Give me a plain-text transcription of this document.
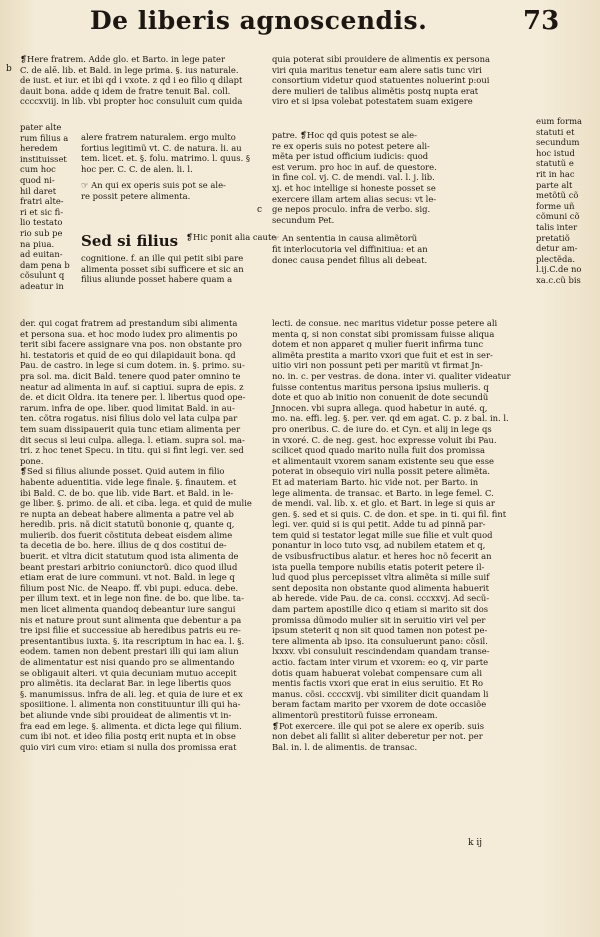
De liberis agnoscendis.	73
b
c
pater alte
rum filius a
heredem
instituisset
cum hoc
quod ni-
hil daret
fratri alte-
ri et sic fi-
lio testato
rio sub pe
na piua.
ad euitan-
dam pena b
cõsulunt q
adeatur in
eum forma
statuti et
secundum
hoc istud
statutũ e
rit in hac
parte alt
metõtũ cõ
forme uñ
cõmuni cõ
talis inter
pretatiõ
detur am-
plectẽda.
l.ij.C.de no
xa.c.cũ bis
❡Here fratrem. Adde glo. et Barto. in lege pater
C. de alē. lib. et Bald. in lege prima. §. ius naturale.
de iust. et iur. et ibi qd i vxote. z qd i eo filio q dilapt
dauit bona. adde q idem de fratre tenuit Bal. coll.
ccccxviij. in lib. vbi propter hoc consuluit cum quida
alere fratrem naturalem. ergo multo
fortius legitimũ vt. C. de natura. li. au
tem. licet. et. §. folu. matrimo. l. quus. §
hoc per. C. C. de alen. li. l.
☞ An qui ex operis suis pot se ale-
re possit petere alimenta.
Sed si filius ❡Hic ponit alia caute
cognitione. f. an ille qui petit sibi pare
alimenta posset sibi sufficere et sic an
filius aliunde posset habere quam a
der. qui cogat fratrem ad prestandum sibi alimenta
et persona sua. et hoc modo iudex pro alimentis po
terit sibi facere assignare vna pos. non obstante pro
hi. testatoris et quid de eo qui dilapidauit bona. qd
Pau. de castro. in lege si cum dotem. in. §. primo. su-
pra sol. ma. dicit Bald. tenere quod pater omnino te
neatur ad alimenta in auf. si captiui. supra de epis. z
de. et dicit Oldra. ita tenere per. l. libertus quod ope-
rarum. infra de ope. liber. quod limitat Bald. in au-
ten. cõtra rogatus. nisi filius dolo vel lata culpa par
tem suam dissipauerit quia tunc etiam alimenta per
dit secus si leui culpa. allega. l. etiam. supra sol. ma-
tri. z hoc tenet Specu. in titu. qui si fint legi. ver. sed
pone.
❡Sed si filius aliunde posset. Quid autem in filio
habente aduentitia. vide lege finale. §. finautem. et
ibi Bald. C. de bo. que lib. vide Bart. et Bald. in le-
ge liber. §. primo. de ali. et ciba. lega. et quid de mulie
re nupta an debeat habere alimenta a patre vel ab
heredib. pris. nã dicit statutũ bononie q, quante q,
mulierib. dos fuerit cõstituta debeat eisdem alime
ta decetia de bo. here. illius de q dos costitui de-
buerit. et vltra dicit statutum quod ista alimenta de
beant prestari arbitrio coniunctorũ. dico quod illud
etiam erat de iure communi. vt not. Bald. in lege q
filium post Nic. de Neapo. ff. vbi pupi. educa. debe.
per illum text. et in lege non fine. de bo. que libe. ta-
men licet alimenta quandoq debeantur iure sangui
nis et nature prout sunt alimenta que debentur a pa
tre ipsi filie et successiue ab heredibus patris eu re-
presentantibus iuxta. §. ita rescriptum in hac ea. l. §.
eodem. tamen non debent prestari illi qui iam aliun
de alimentatur est nisi quando pro se alimentando
se obligauit alteri. vt quia decuniam mutuo accepit
pro alimẽtis. ita declarat Bar. in lege libertis quos
§. manumissus. infra de ali. leg. et quia de iure et ex
sposiitione. l. alimenta non constituuntur illi qui ha-
bet aliunde vnde sibi prouideat de alimentis vt in-
fra ead em lege. §. alimenta. et dicta lege qui filium.
cum ibi not. et ideo filia postq erit nupta et in obse
quio viri cum viro: etiam si nulla dos promissa erat
quia poterat sibi prouidere de alimentis ex persona
viri quia maritus tenetur eam alere satis tunc viri
consortium videtur quod statuentes noluerint p:oui
dere mulieri de talibus alimẽtis postq nupta erat
viro et si ipsa volebat potestatem suam exigere
patre. ❡Hoc qd quis potest se ale-
re ex operis suis no potest petere ali-
mẽta per istud officium iudicis: quod
est verum. pro hoc in auf. de questore.
in fine col. vj. C. de mendi. val. l. j. lib.
xj. et hoc intellige si honeste posset se
exercere illam artem alias secus: vt le-
ge nepos proculo. infra de verbo. sig.
secundum Pet.
☞ An sententia in causa alimẽtorũ
fit interlocutoria vel diffinitiua: et an
donec causa pendet filius ali debeat.
lecti. de consue. nec maritus videtur posse petere ali
menta q, si non constat sibi promissam fuisse aliqua
dotem et non apparet q mulier fuerit infirma tunc
alimẽta prestita a marito vxori que fuit et est in ser-
uitio viri non possunt peti per maritũ vt firmat Jn-
no. in. c. per vestras. de dona. inter vi. qualiter videatur
fuisse contentus maritus persona ipsius mulieris. q
dote et quo ab initio non conuenit de dote secundũ
Jnnocen. vbi supra allega. quod habetur in auté. q,
mo. na. effi. leg. §. per. ver. qd em agat. C. p. z bal. in. l.
pro oneribus. C. de iure do. et Cyn. et alij in lege qs
in vxoré. C. de neg. gest. hoc expresse voluit ibi Pau.
scilicet quod quado marito nulla fuit dos promissa
et alimentauit vxorem sanam existente seu que esse
poterat in obsequio viri nulla possit petere alimẽta.
Et ad materiam Barto. hic vide not. per Barto. in
lege alimenta. de transac. et Barto. in lege femel. C.
de mendi. val. lib. x. et glo. et Bart. in lege si quis ar
gen. §. sed et si quis. C. de don. et spe. in ti. qui fil. fint
legi. ver. quid si is qui petit. Adde tu ad pinnã par-
tem quid si testator legat mille sue filie et vult quod
ponantur in loco tuto vsq, ad nubilem etatem et q,
de vsibusfructibus alatur. et heres hoc nõ fecerit an
ista puella tempore nubilis etatis poterit petere il-
lud quod plus percepisset vltra alimẽta si mille suif
sent deposita non obstante quod alimenta habuerit
ab herede. vide Pau. de ca. consi. cccxxvj. Ad secũ-
dam partem apostille dico q etiam si marito sit dos
promissa dũmodo mulier sit in seruitio viri vel per
ipsum steterit q non sit quod tamen non potest pe-
tere alimenta ab ipso. ita consuluerunt pano: cõsil.
lxxxv. vbi consuluit rescindendam quandam transe-
actio. factam inter virum et vxorem: eo q, vir parte
dotis quam habuerat volebat compensare cum ali
mentis factis vxori que erat in eius seruitio. Et Ro
manus. cõsi. ccccxvij. vbi similiter dicit quandam li
beram factam marito per vxorem de dote occasiõe
alimentorũ prestitorũ fuisse erroneam.
❡Pot exercere. ille qui pot se alere ex operib. suis
non debet ali fallit si aliter deberetur per not. per
Bal. in. l. de alimentis. de transac.
k ij
